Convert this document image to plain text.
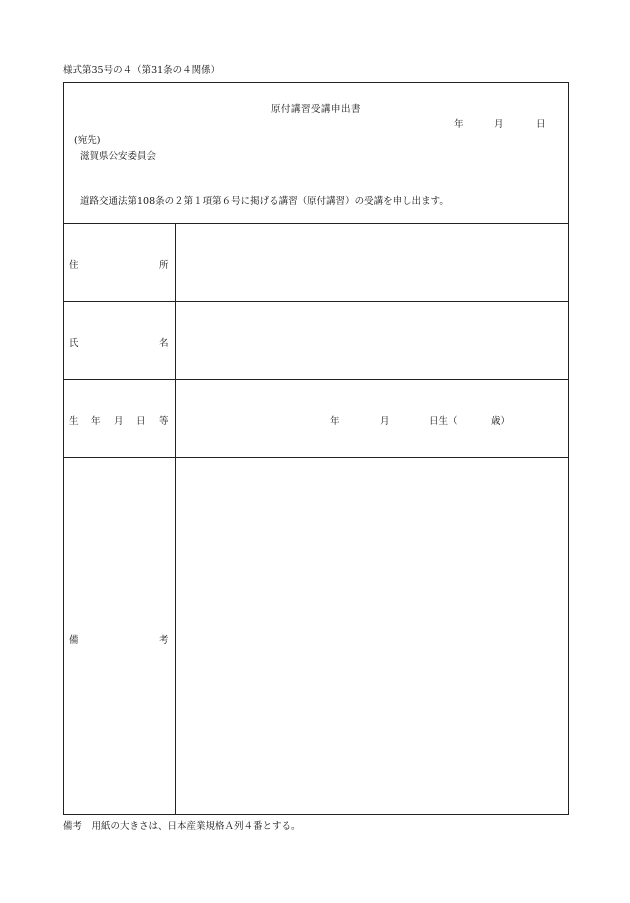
様式第35号の４（第31条の４関係）
原付講習受講申出書
年	月	日
(宛先)
滋賀県公安委員会
道路交通法第108条の２第１項第６号に掲げる講習（原付講習）の受講を申し出ます。
住	所
氏	名
生 年 月 日 等	年	月	日生（	歳）
備	考
備考　用紙の大きさは、日本産業規格Ａ列４番とする。
